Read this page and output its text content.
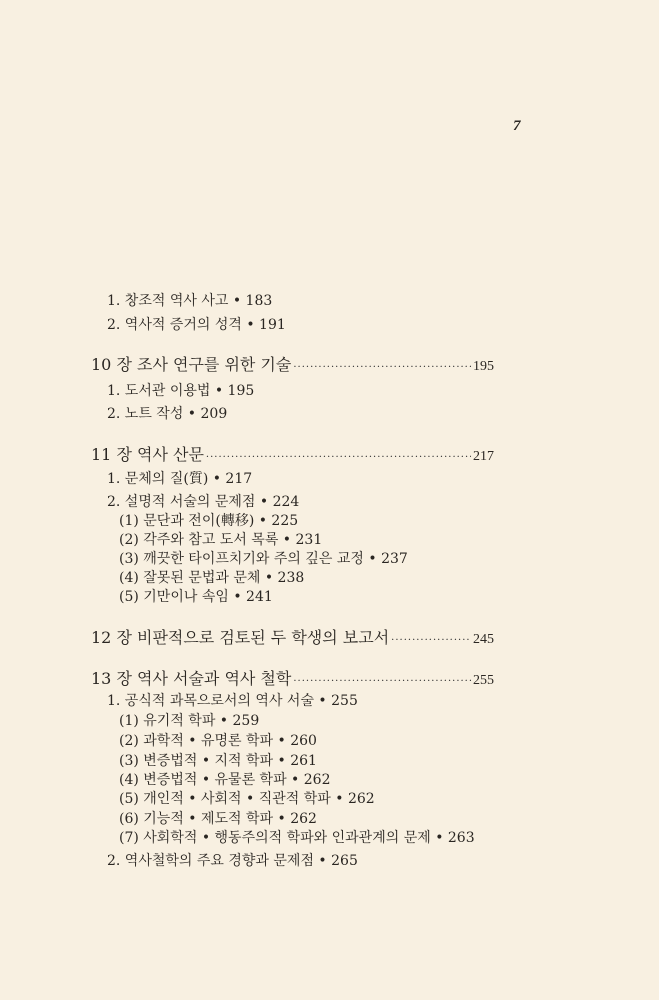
7
1. 창조적 역사 사고 • 183
2. 역사적 증거의 성격 • 191
10 장 조사 연구를 위한 기술 ·····	195
1. 도서관 이용법 • 195
2. 노트 작성 • 209
11 장 역사 산문 ·····	217
1. 문체의 질(質) • 217
2. 설명적 서술의 문제점 • 224
(1) 문단과 전이(轉移) • 225
(2) 각주와 참고 도서 목록 • 231
(3) 깨끗한 타이프치기와 주의 깊은 교정 • 237
(4) 잘못된 문법과 문체 • 238
(5) 기만이나 속임 • 241
12 장 비판적으로 검토된 두 학생의 보고서 ·····	245
13 장 역사 서술과 역사 철학 ·····	255
1. 공식적 과목으로서의 역사 서술 • 255
(1) 유기적 학파 • 259
(2) 과학적 • 유명론 학파 • 260
(3) 변증법적 • 지적 학파 • 261
(4) 변증법적 • 유물론 학파 • 262
(5) 개인적 • 사회적 • 직관적 학파 • 262
(6) 기능적 • 제도적 학파 • 262
(7) 사회학적 • 행동주의적 학파와 인과관계의 문제 • 263
2. 역사철학의 주요 경향과 문제점 • 265
